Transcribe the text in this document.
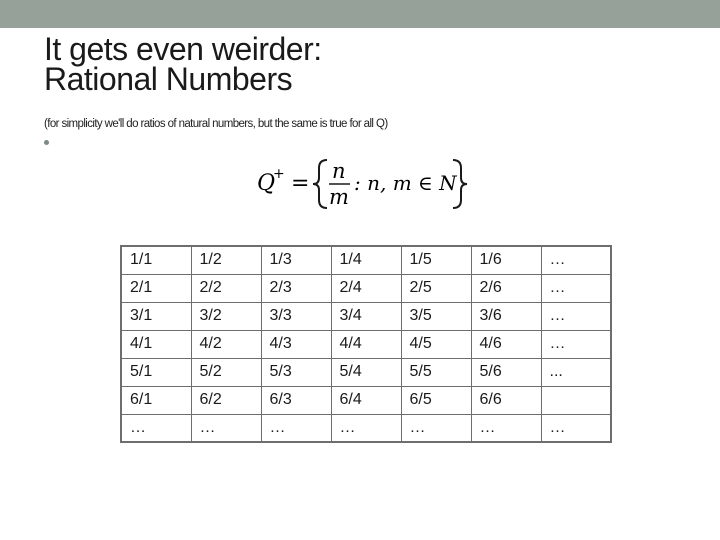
It gets even weirder:
Rational Numbers
(for simplicity we'll do ratios of natural numbers, but the same is true for all Q)
Q
+ = n
m
: n, m ∈ N
1/1	1/2	1/3	1/4	1/5	1/6	…
2/1	2/2	2/3	2/4	2/5	2/6	…
3/1	3/2	3/3	3/4	3/5	3/6	…
4/1	4/2	4/3	4/4	4/5	4/6	…
5/1	5/2	5/3	5/4	5/5	5/6	...
6/1	6/2	6/3	6/4	6/5	6/6	
…	…	…	…	…	…	…
